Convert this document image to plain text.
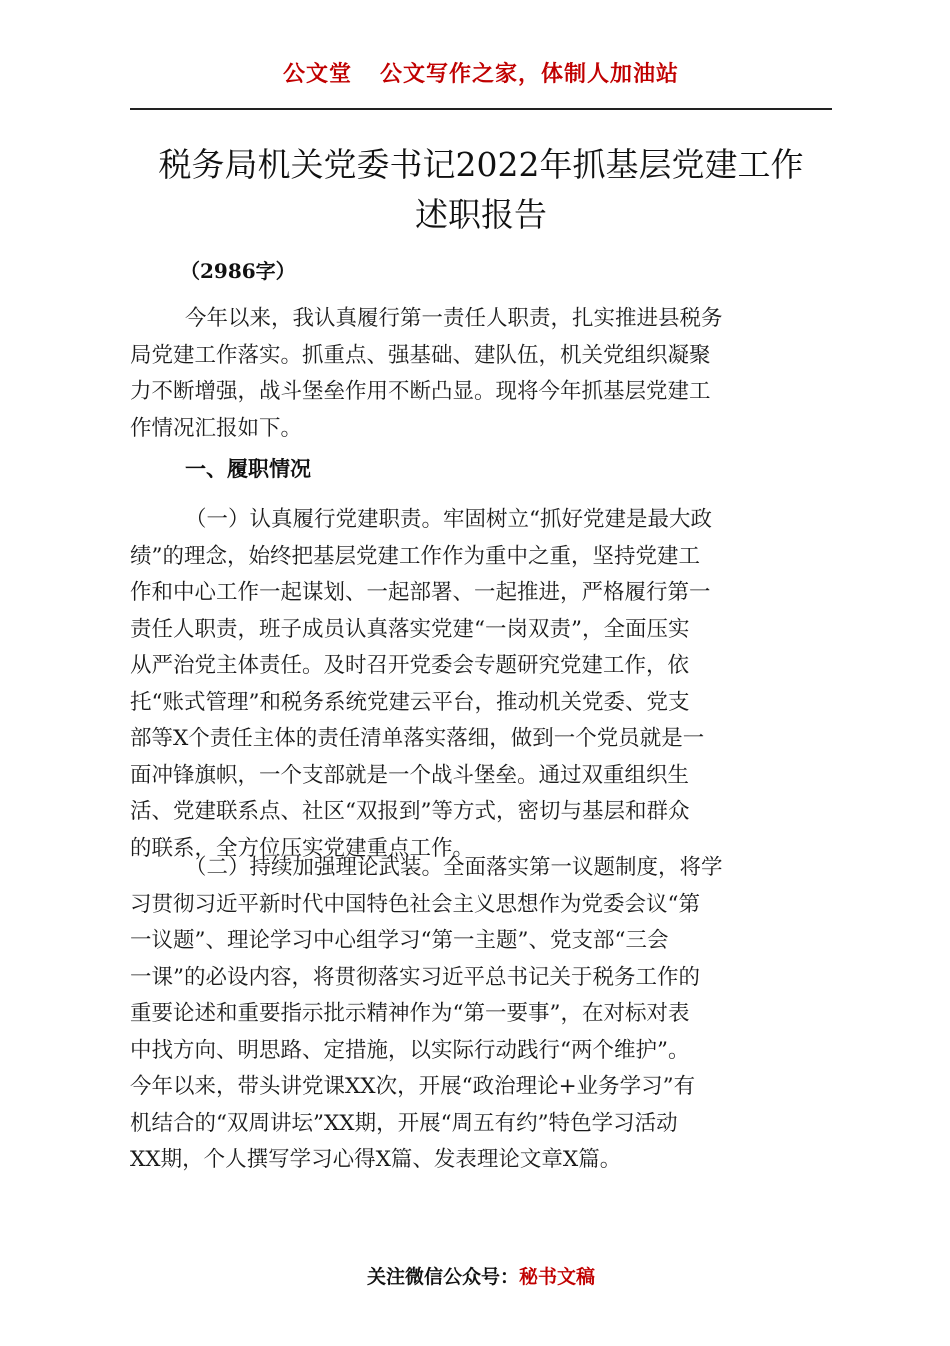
公文堂 公文写作之家，体制人加油站
税务局机关党委书记2022年抓基层党建工作
述职报告
（2986字）
今年以来，我认真履行第一责任人职责，扎实推进县税务
局党建工作落实。抓重点、强基础、建队伍，机关党组织凝聚
力不断增强，战斗堡垒作用不断凸显。现将今年抓基层党建工
作情况汇报如下。
一、履职情况
（一）认真履行党建职责。牢固树立“抓好党建是最大政
绩”的理念，始终把基层党建工作作为重中之重，坚持党建工
作和中心工作一起谋划、一起部署、一起推进，严格履行第一
责任人职责，班子成员认真落实党建“一岗双责”，全面压实
从严治党主体责任。及时召开党委会专题研究党建工作，依
托“账式管理”和税务系统党建云平台，推动机关党委、党支
部等X个责任主体的责任清单落实落细，做到一个党员就是一
面冲锋旗帜，一个支部就是一个战斗堡垒。通过双重组织生
活、党建联系点、社区“双报到”等方式，密切与基层和群众
的联系，全方位压实党建重点工作。
（二）持续加强理论武装。全面落实第一议题制度，将学
习贯彻习近平新时代中国特色社会主义思想作为党委会议“第
一议题”、理论学习中心组学习“第一主题”、党支部“三会
一课”的必设内容，将贯彻落实习近平总书记关于税务工作的
重要论述和重要指示批示精神作为“第一要事”，在对标对表
中找方向、明思路、定措施，以实际行动践行“两个维护”。
今年以来，带头讲党课XX次，开展“政治理论+业务学习”有
机结合的“双周讲坛”XX期，开展“周五有约”特色学习活动
XX期，个人撰写学习心得X篇、发表理论文章X篇。
关注微信公众号：秘书文稿
